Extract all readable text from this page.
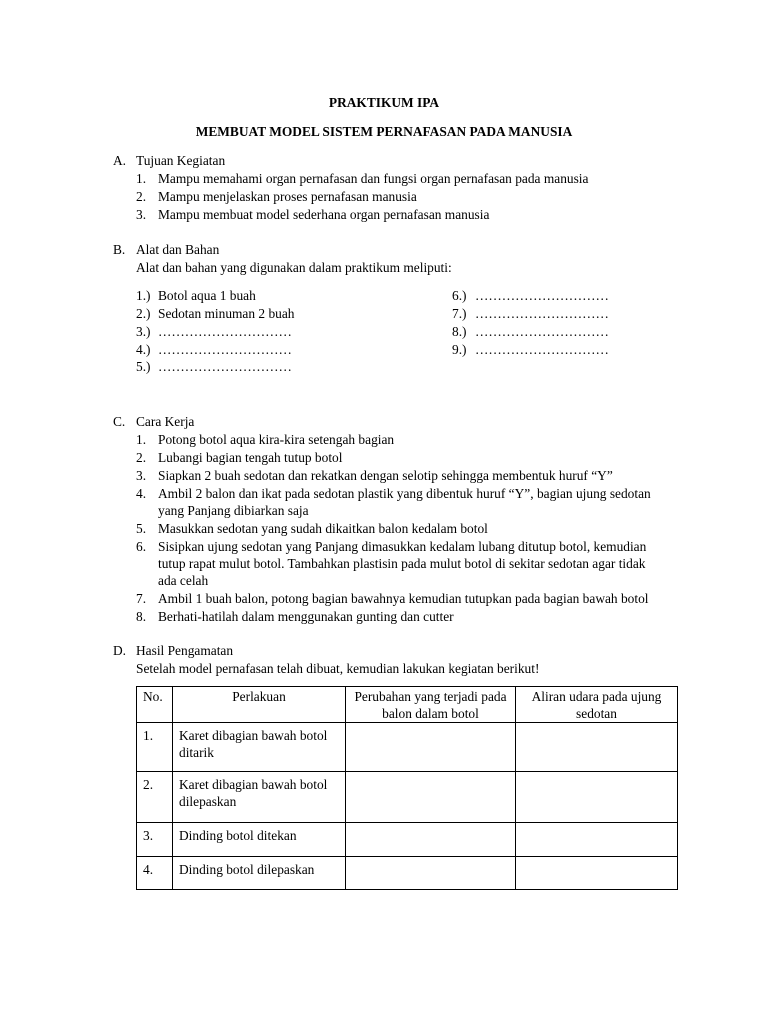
PRAKTIKUM IPA
MEMBUAT MODEL SISTEM PERNAFASAN PADA MANUSIA
A. Tujuan Kegiatan
1. Mampu memahami organ pernafasan dan fungsi organ pernafasan pada manusia
2. Mampu menjelaskan proses pernafasan manusia
3. Mampu membuat model sederhana organ pernafasan manusia
B. Alat dan Bahan
Alat dan bahan yang digunakan dalam praktikum meliputi:
1.) Botol aqua 1 buah
2.) Sedotan minuman 2 buah
3.) …………………………
4.) …………………………
5.) …………………………
6.) …………………………
7.) …………………………
8.) …………………………
9.) …………………………
C. Cara Kerja
1. Potong botol aqua kira-kira setengah bagian
2. Lubangi bagian tengah tutup botol
3. Siapkan 2 buah sedotan dan rekatkan dengan selotip sehingga membentuk huruf “Y”
4. Ambil 2 balon dan ikat pada sedotan plastik yang dibentuk huruf “Y”, bagian ujung sedotan
yang Panjang dibiarkan saja
5. Masukkan sedotan yang sudah dikaitkan balon kedalam botol
6. Sisipkan ujung sedotan yang Panjang dimasukkan kedalam lubang ditutup botol, kemudian
tutup rapat mulut botol. Tambahkan plastisin pada mulut botol di sekitar sedotan agar tidak
ada celah
7. Ambil 1 buah balon, potong bagian bawahnya kemudian tutupkan pada bagian bawah botol
8. Berhati-hatilah dalam menggunakan gunting dan cutter
D. Hasil Pengamatan
Setelah model pernafasan telah dibuat, kemudian lakukan kegiatan berikut!
No.	Perlakuan	Perubahan yang terjadi pada balon dalam botol	Aliran udara pada ujung sedotan
1.	Karet dibagian bawah botol ditarik		
2.	Karet dibagian bawah botol dilepaskan		
3.	Dinding botol ditekan		
4.	Dinding botol dilepaskan		
